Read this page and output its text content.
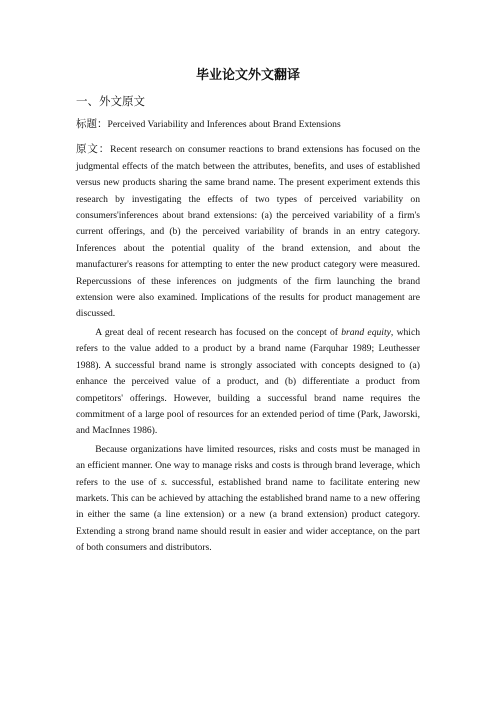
毕业论文外文翻译
一、外文原文

标题：Perceived Variability and Inferences about Brand Extensions

原文：Recent research on consumer reactions to brand extensions has focused on the judgmental effects of the match between the attributes, benefits, and uses of established versus new products sharing the same brand name. The present experiment extends this research by investigating the effects of two types of perceived variability on consumers'inferences about brand extensions: (a) the perceived variability of a firm's current offerings, and (b) the perceived variability of brands in an entry category. Inferences about the potential quality of the brand extension, and about the manufacturer's reasons for attempting to enter the new product category were measured. Repercussions of these inferences on judgments of the firm launching the brand extension were also examined. Implications of the results for product management are discussed.

A great deal of recent research has focused on the concept of brand equity, which refers to the value added to a product by a brand name (Farquhar 1989; Leuthesser 1988). A successful brand name is strongly associated with concepts designed to (a) enhance the perceived value of a product, and (b) differentiate a product from competitors' offerings. However, building a successful brand name requires the commitment of a large pool of resources for an extended period of time (Park, Jaworski, and MacInnes 1986).

Because organizations have limited resources, risks and costs must be managed in an efficient manner. One way to manage risks and costs is through brand leverage, which refers to the use of s. successful, established brand name to facilitate entering new markets. This can be achieved by attaching the established brand name to a new offering in either the same (a line extension) or a new (a brand extension) product category. Extending a strong brand name should result in easier and wider acceptance, on the part of both consumers and distributors.
